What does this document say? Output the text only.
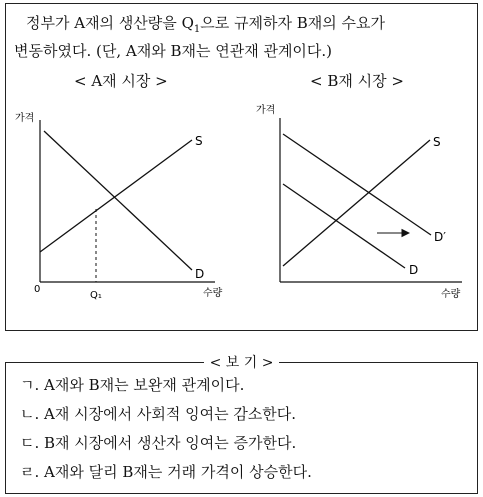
정부가 A재의 생산량을 $Q_1$으로 규제하자 B재의 수요가
변동하였다. (단, A재와 B재는 연관재 관계이다.)
< A재 시장 >	< B재 시장 >
가격
0
Q₁	수량
S
D
가격
수량
S
D′
D
< 보 기 >
ㄱ. A재와 B재는 보완재 관계이다.
ㄴ. A재 시장에서 사회적 잉여는 감소한다.
ㄷ. B재 시장에서 생산자 잉여는 증가한다.
ㄹ. A재와 달리 B재는 거래 가격이 상승한다.
